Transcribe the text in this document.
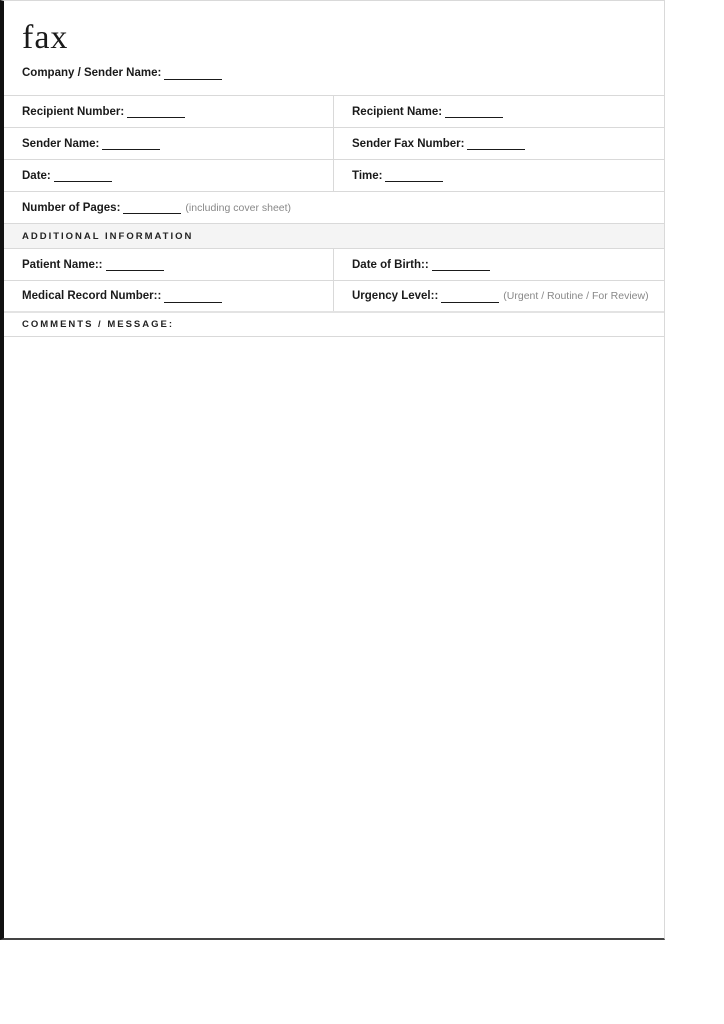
fax
Company / Sender Name:
Recipient Number:	Recipient Name:
Sender Name:	Sender Fax Number:
Date:	Time:
Number of Pages:	(including cover sheet)
ADDITIONAL INFORMATION
Patient Name::	Date of Birth::
Medical Record Number::	Urgency Level::	(Urgent / Routine / For Review)
COMMENTS / MESSAGE:
